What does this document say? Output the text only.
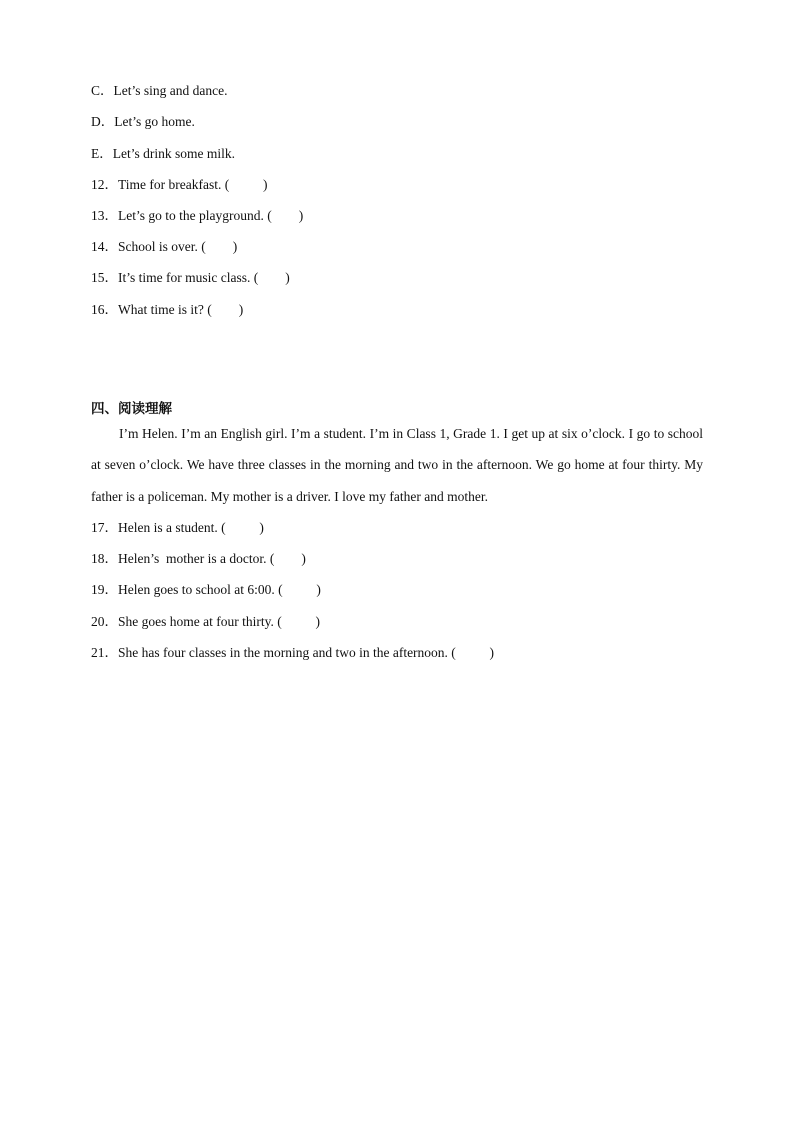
C．Let’s sing and dance.
D．Let’s go home.
E．Let’s drink some milk.
12．Time for breakfast. (          )
13．Let’s go to the playground. (        )
14．School is over. (        )
15．It’s time for music class. (        )
16．What time is it? (        )
四、阅读理解
I’m Helen. I’m an English girl. I’m a student. I’m in Class 1, Grade 1. I get up at six o’clock. I go to school at seven o’clock. We have three classes in the morning and two in the afternoon. We go home at four thirty. My father is a policeman. My mother is a driver. I love my father and mother.
17．Helen is a student. (          )
18．Helen’s  mother is a doctor. (        )
19．Helen goes to school at 6:00. (          )
20．She goes home at four thirty. (          )
21．She has four classes in the morning and two in the afternoon. (          )
